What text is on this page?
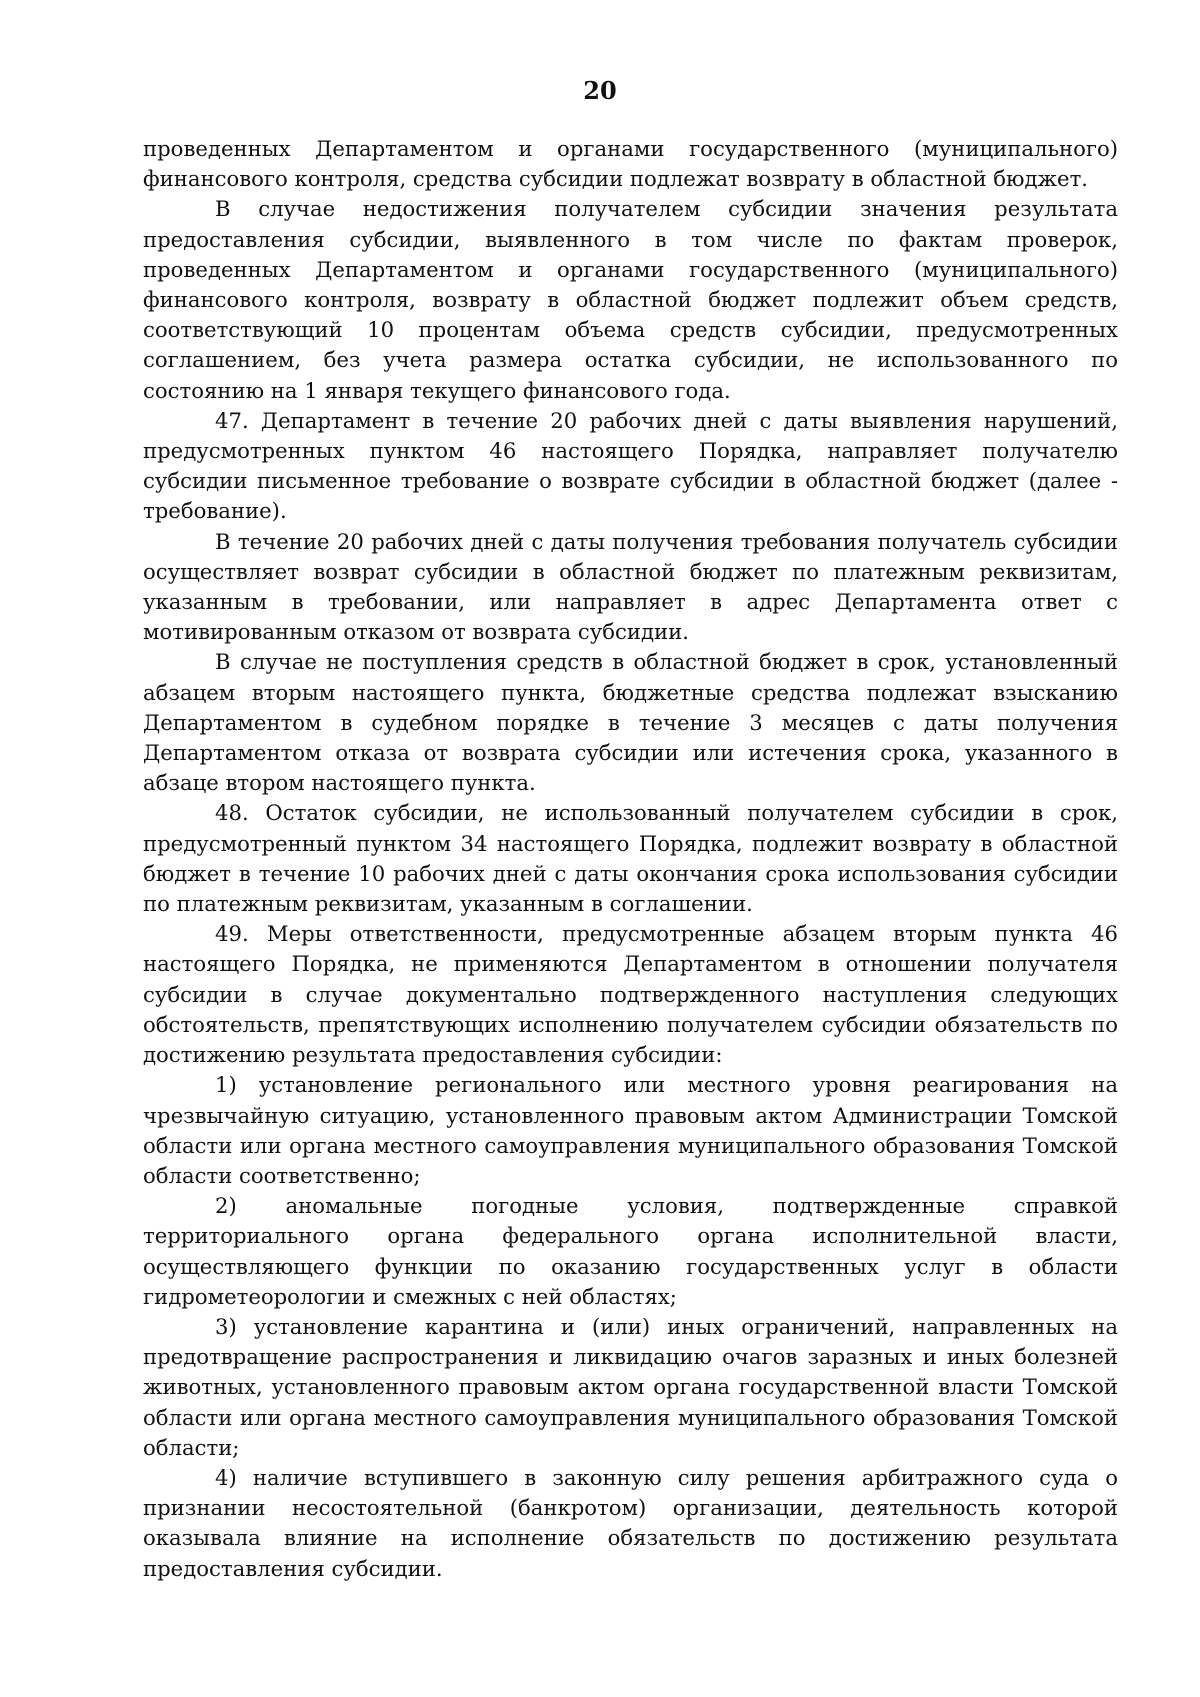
20

проведенных Департаментом и органами государственного (муниципального) финансового контроля, средства субсидии подлежат возврату в областной бюджет.

В случае недостижения получателем субсидии значения результата предоставления субсидии, выявленного в том числе по фактам проверок, проведенных Департаментом и органами государственного (муниципального) финансового контроля, возврату в областной бюджет подлежит объем средств, соответствующий 10 процентам объема средств субсидии, предусмотренных соглашением, без учета размера остатка субсидии, не использованного по состоянию на 1 января текущего финансового года.

47. Департамент в течение 20 рабочих дней с даты выявления нарушений, предусмотренных пунктом 46 настоящего Порядка, направляет получателю субсидии письменное требование о возврате субсидии в областной бюджет (далее - требование).

В течение 20 рабочих дней с даты получения требования получатель субсидии осуществляет возврат субсидии в областной бюджет по платежным реквизитам, указанным в требовании, или направляет в адрес Департамента ответ с мотивированным отказом от возврата субсидии.

В случае не поступления средств в областной бюджет в срок, установленный абзацем вторым настоящего пункта, бюджетные средства подлежат взысканию Департаментом в судебном порядке в течение 3 месяцев с даты получения Департаментом отказа от возврата субсидии или истечения срока, указанного в абзаце втором настоящего пункта.

48. Остаток субсидии, не использованный получателем субсидии в срок, предусмотренный пунктом 34 настоящего Порядка, подлежит возврату в областной бюджет в течение 10 рабочих дней с даты окончания срока использования субсидии по платежным реквизитам, указанным в соглашении.

49. Меры ответственности, предусмотренные абзацем вторым пункта 46 настоящего Порядка, не применяются Департаментом в отношении получателя субсидии в случае документально подтвержденного наступления следующих обстоятельств, препятствующих исполнению получателем субсидии обязательств по достижению результата предоставления субсидии:

1) установление регионального или местного уровня реагирования на чрезвычайную ситуацию, установленного правовым актом Администрации Томской области или органа местного самоуправления муниципального образования Томской области соответственно;

2) аномальные погодные условия, подтвержденные справкой территориального органа федерального органа исполнительной власти, осуществляющего функции по оказанию государственных услуг в области гидрометеорологии и смежных с ней областях;

3) установление карантина и (или) иных ограничений, направленных на предотвращение распространения и ликвидацию очагов заразных и иных болезней животных, установленного правовым актом органа государственной власти Томской области или органа местного самоуправления муниципального образования Томской области;

4) наличие вступившего в законную силу решения арбитражного суда о признании несостоятельной (банкротом) организации, деятельность которой оказывала влияние на исполнение обязательств по достижению результата предоставления субсидии.
